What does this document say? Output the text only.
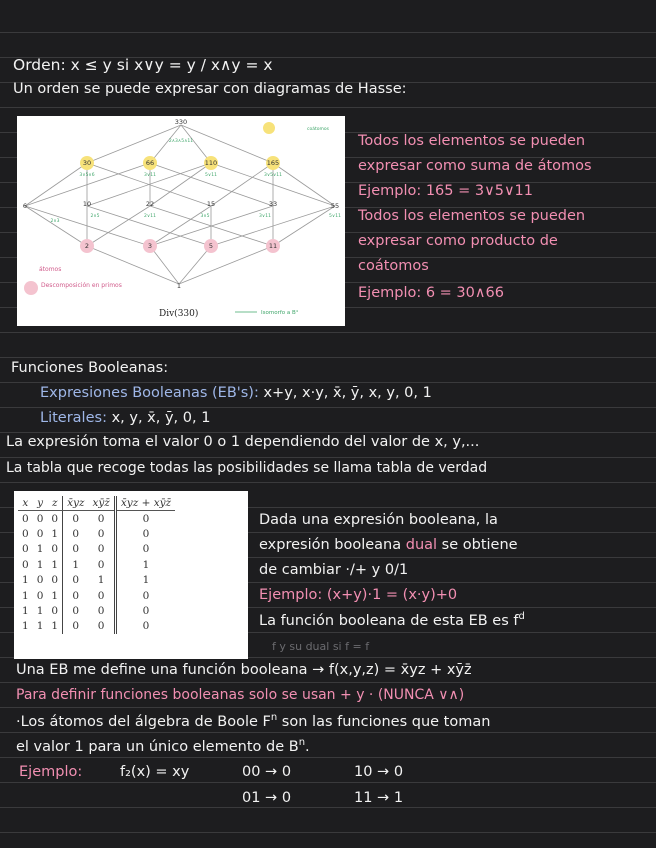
Orden: x ≤ y si x∨y = y / x∧y = x
Un orden se puede expresar con diagramas de Hasse:
330
30	66	110	165
6	10	22	15	33	55
2	3	5	11
1
2∧3∧5∧11
3∨5∨6	3∨11	5∨11	3∨5∨11
2∨3
2∨5	2∨11	3∨5	3∨11	5∨11
coátomos
átomos
Descomposición en primos
Isomorfo a B⁴
Div(330)
Todos los elementos se pueden
expresar como suma de átomos
Ejemplo: 165 = 3∨5∨11
Todos los elementos se pueden
expresar como producto de
coátomos
Ejemplo: 6 = 30∧66
Funciones Booleanas:
Expresiones Booleanas (EB's): x+y, x·y, x̄, ȳ, x, y, 0, 1
Literales: x, y, x̄, ȳ, 0, 1
La expresión toma el valor 0 o 1 dependiendo del valor de x, y,...
La tabla que recoge todas las posibilidades se llama tabla de verdad
x	y	z	x̄yz	xȳz̄	x̄yz + xȳz̄
0	0	0	0	0	0
0	0	1	0	0	0
0	1	0	0	0	0
0	1	1	1	0	1
1	0	0	0	1	1
1	0	1	0	0	0
1	1	0	0	0	0
1	1	1	0	0	0
Dada una expresión booleana, la
expresión booleana dual se obtiene
de cambiar ·/+ y 0/1
Ejemplo: (x+y)·1 = (x·y)+0
La función booleana de esta EB es $f^d$
f y su dual si f = f
Una EB me define una función booleana → f(x,y,z) = x̄yz + xȳz̄
Para definir funciones booleanas solo se usan + y · (NUNCA ∨∧)
·Los átomos del álgebra de Boole $F^n$ son las funciones que toman
el valor 1 para un único elemento de $B^n$.
Ejemplo:	f₂(x) = xy	00 → 0	10 → 0
01 → 0	11 → 1
